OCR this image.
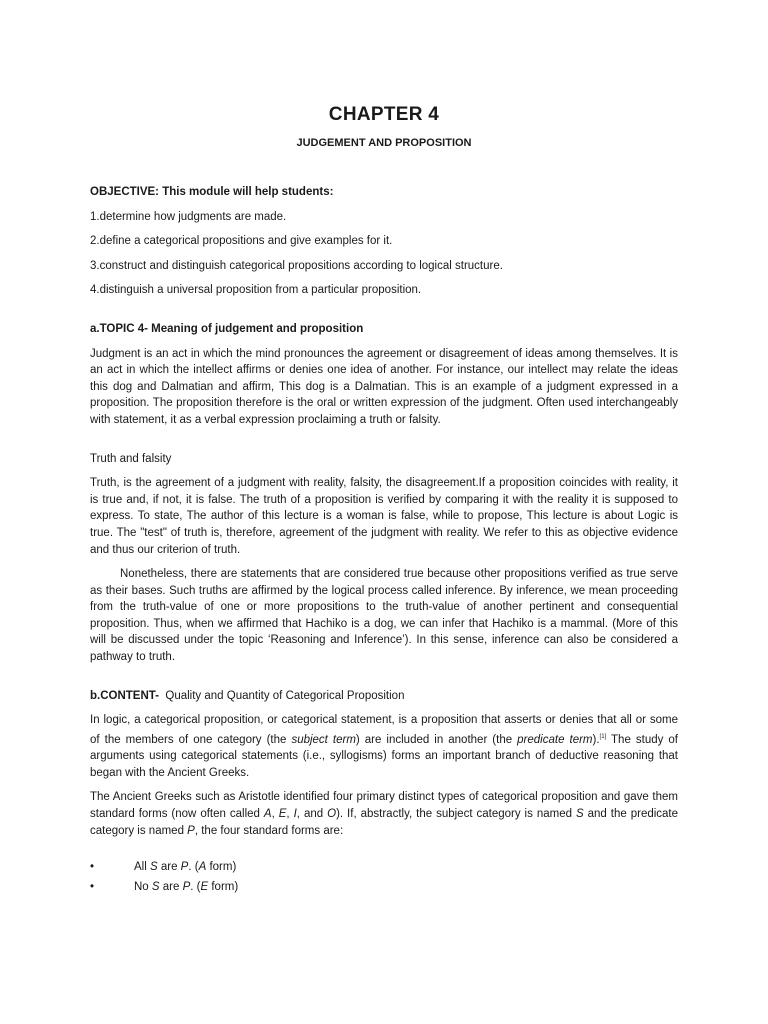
CHAPTER 4
JUDGEMENT AND PROPOSITION

OBJECTIVE: This module will help students:

1.determine how judgments are made.

2.define a categorical propositions and give examples for it.

3.construct and distinguish categorical propositions according to logical structure.

4.distinguish a universal proposition from a particular proposition.

a.TOPIC 4- Meaning of judgement and proposition

Judgment is an act in which the mind pronounces the agreement or disagreement of ideas among themselves. It is an act in which the intellect affirms or denies one idea of another. For instance, our intellect may relate the ideas this dog and Dalmatian and affirm, This dog is a Dalmatian. This is an example of a judgment expressed in a proposition. The proposition therefore is the oral or written expression of the judgment. Often used interchangeably with statement, it as a verbal expression proclaiming a truth or falsity.

Truth and falsity

Truth, is the agreement of a judgment with reality, falsity, the disagreement.If a proposition coincides with reality, it is true and, if not, it is false. The truth of a proposition is verified by comparing it with the reality it is supposed to express. To state, The author of this lecture is a woman is false, while to propose, This lecture is about Logic is true. The "test" of truth is, therefore, agreement of the judgment with reality. We refer to this as objective evidence and thus our criterion of truth.

Nonetheless, there are statements that are considered true because other propositions verified as true serve as their bases. Such truths are affirmed by the logical process called inference. By inference, we mean proceeding from the truth-value of one or more propositions to the truth-value of another pertinent and consequential proposition. Thus, when we affirmed that Hachiko is a dog, we can infer that Hachiko is a mammal. (More of this will be discussed under the topic ‘Reasoning and Inference’). In this sense, inference can also be considered a pathway to truth.

b.CONTENT- Quality and Quantity of Categorical Proposition

In logic, a categorical proposition, or categorical statement, is a proposition that asserts or denies that all or some of the members of one category (the subject term) are included in another (the predicate term).[1] The study of arguments using categorical statements (i.e., syllogisms) forms an important branch of deductive reasoning that began with the Ancient Greeks.

The Ancient Greeks such as Aristotle identified four primary distinct types of categorical proposition and gave them standard forms (now often called A, E, I, and O). If, abstractly, the subject category is named S and the predicate category is named P, the four standard forms are:

•	All S are P. (A form)
•	No S are P. (E form)
